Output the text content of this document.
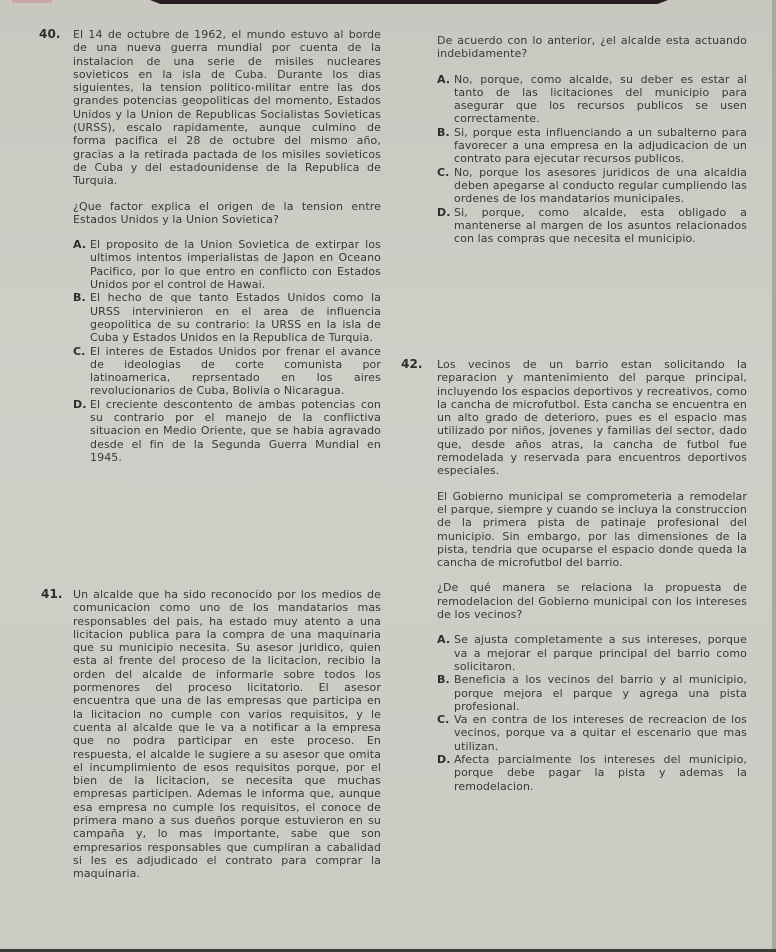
40. El 14 de octubre de 1962, el mundo estuvo al borde de una nueva guerra mundial por cuenta de la instalacion de una serie de misiles nucleares sovieticos en la isla de Cuba. Durante los dias siguientes, la tension politico-militar entre las dos grandes potencias geopoliticas del momento, Estados Unidos y la Union de Republicas Socialistas Sovieticas (URSS), escalo rapidamente, aunque culmino de forma pacifica el 28 de octubre del mismo año, gracias a la retirada pactada de los misiles sovieticos de Cuba y del estadounidense de la Republica de Turquia.

¿Que factor explica el origen de la tension entre Estados Unidos y la Union Sovietica?

A. El proposito de la Union Sovietica de extirpar los ultimos intentos imperialistas de Japon en Oceano Pacifico, por lo que entro en conflicto con Estados Unidos por el control de Hawai.
B. El hecho de que tanto Estados Unidos como la URSS intervinieron en el area de influencia geopolitica de su contrario: la URSS en la isla de Cuba y Estados Unidos en la Republica de Turquia.
C. El interes de Estados Unidos por frenar el avance de ideologias de corte comunista por latinoamerica, reprsentado en los aires revolucionarios de Cuba, Bolivia o Nicaragua.
D. El creciente descontento de ambas potencias con su contrario por el manejo de la conflictiva situacion en Medio Oriente, que se habia agravado desde el fin de la Segunda Guerra Mundial en 1945.
41. Un alcalde que ha sido reconocido por los medios de comunicacion como uno de los mandatarios mas responsables del pais, ha estado muy atento a una licitacion publica para la compra de una maquinaria que su municipio necesita. Su asesor juridico, quien esta al frente del proceso de la licitacion, recibio la orden del alcalde de informarle sobre todos los pormenores del proceso licitatorio. El asesor encuentra que una de las empresas que participa en la licitacion no cumple con varios requisitos, y le cuenta al alcalde que le va a notificar a la empresa que no podra participar en este proceso. En respuesta, el alcalde le sugiere a su asesor que omita el incumplimiento de esos requisitos porque, por el bien de la licitacion, se necesita que muchas empresas participen. Ademas le informa que, aunque esa empresa no cumple los requisitos, el conoce de primera mano a sus dueños porque estuvieron en su campaña y, lo mas importante, sabe que son empresarios responsables que cumpliran a cabalidad si les es adjudicado el contrato para comprar la maquinaria.

De acuerdo con lo anterior, ¿el alcalde esta actuando indebidamente?

A. No, porque, como alcalde, su deber es estar al tanto de las licitaciones del municipio para asegurar que los recursos publicos se usen correctamente.
B. Si, porque esta influenciando a un subalterno para favorecer a una empresa en la adjudicacion de un contrato para ejecutar recursos publicos.
C. No, porque los asesores juridicos de una alcaldia deben apegarse al conducto regular cumpliendo las ordenes de los mandatarios municipales.
D. Si, porque, como alcalde, esta obligado a mantenerse al margen de los asuntos relacionados con las compras que necesita el municipio.
42. Los vecinos de un barrio estan solicitando la reparacion y mantenimiento del parque principal, incluyendo los espacios deportivos y recreativos, como la cancha de microfutbol. Esta cancha se encuentra en un alto grado de deterioro, pues es el espacio mas utilizado por niños, jovenes y familias del sector, dado que, desde años atras, la cancha de futbol fue remodelada y reservada para encuentros deportivos especiales.

El Gobierno municipal se comprometeria a remodelar el parque, siempre y cuando se incluya la construccion de la primera pista de patinaje profesional del municipio. Sin embargo, por las dimensiones de la pista, tendria que ocuparse el espacio donde queda la cancha de microfutbol del barrio.

¿De qué manera se relaciona la propuesta de remodelacion del Gobierno municipal con los intereses de los vecinos?

A. Se ajusta completamente a sus intereses, porque va a mejorar el parque principal del barrio como solicitaron.
B. Beneficia a los vecinos del barrio y al municipio, porque mejora el parque y agrega una pista profesional.
C. Va en contra de los intereses de recreacion de los vecinos, porque va a quitar el escenario que mas utilizan.
D. Afecta parcialmente los intereses del municipio, porque debe pagar la pista y ademas la remodelacion.
